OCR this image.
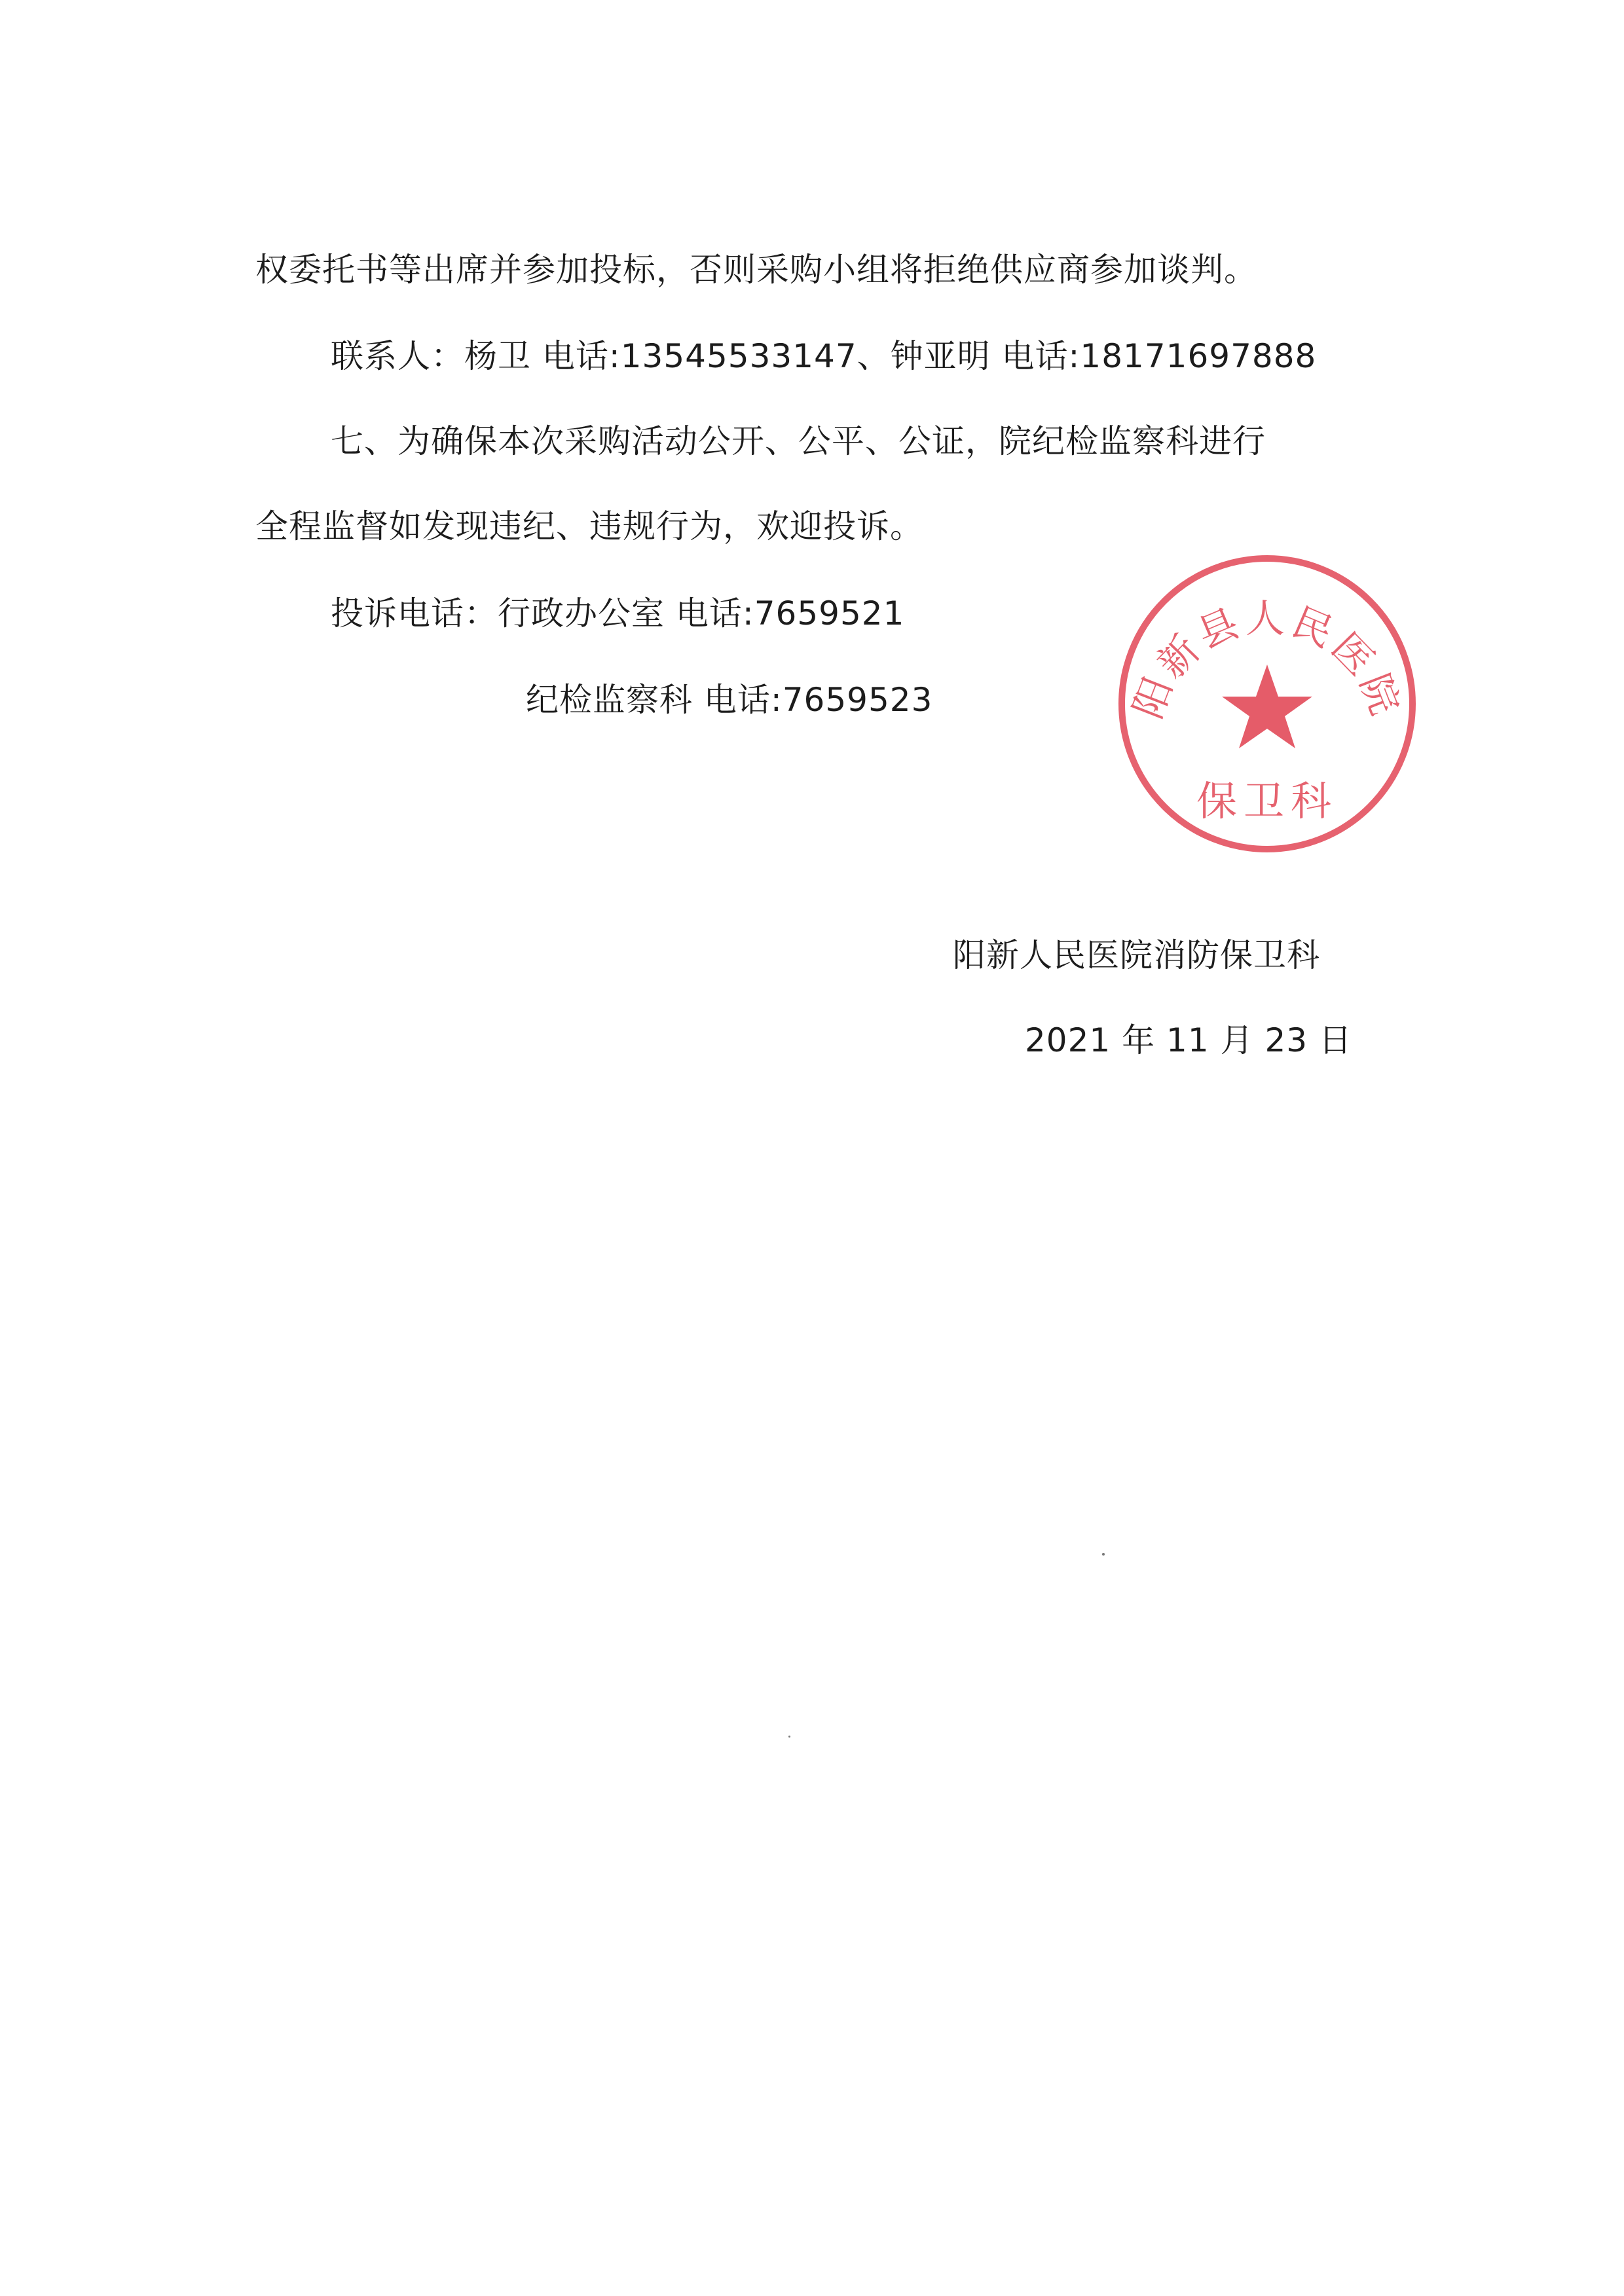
权委托书等出席并参加投标，否则采购小组将拒绝供应商参加谈判。
联系人：杨卫 电话:13545533147、钟亚明 电话:18171697888
七、为确保本次采购活动公开、公平、公证，院纪检监察科进行
全程监督如发现违纪、违规行为，欢迎投诉。
投诉电话：行政办公室 电话:7659521
纪检监察科 电话:7659523	阳新县人民医院
保卫科
阳新人民医院消防保卫科
2021 年 11 月 23 日
